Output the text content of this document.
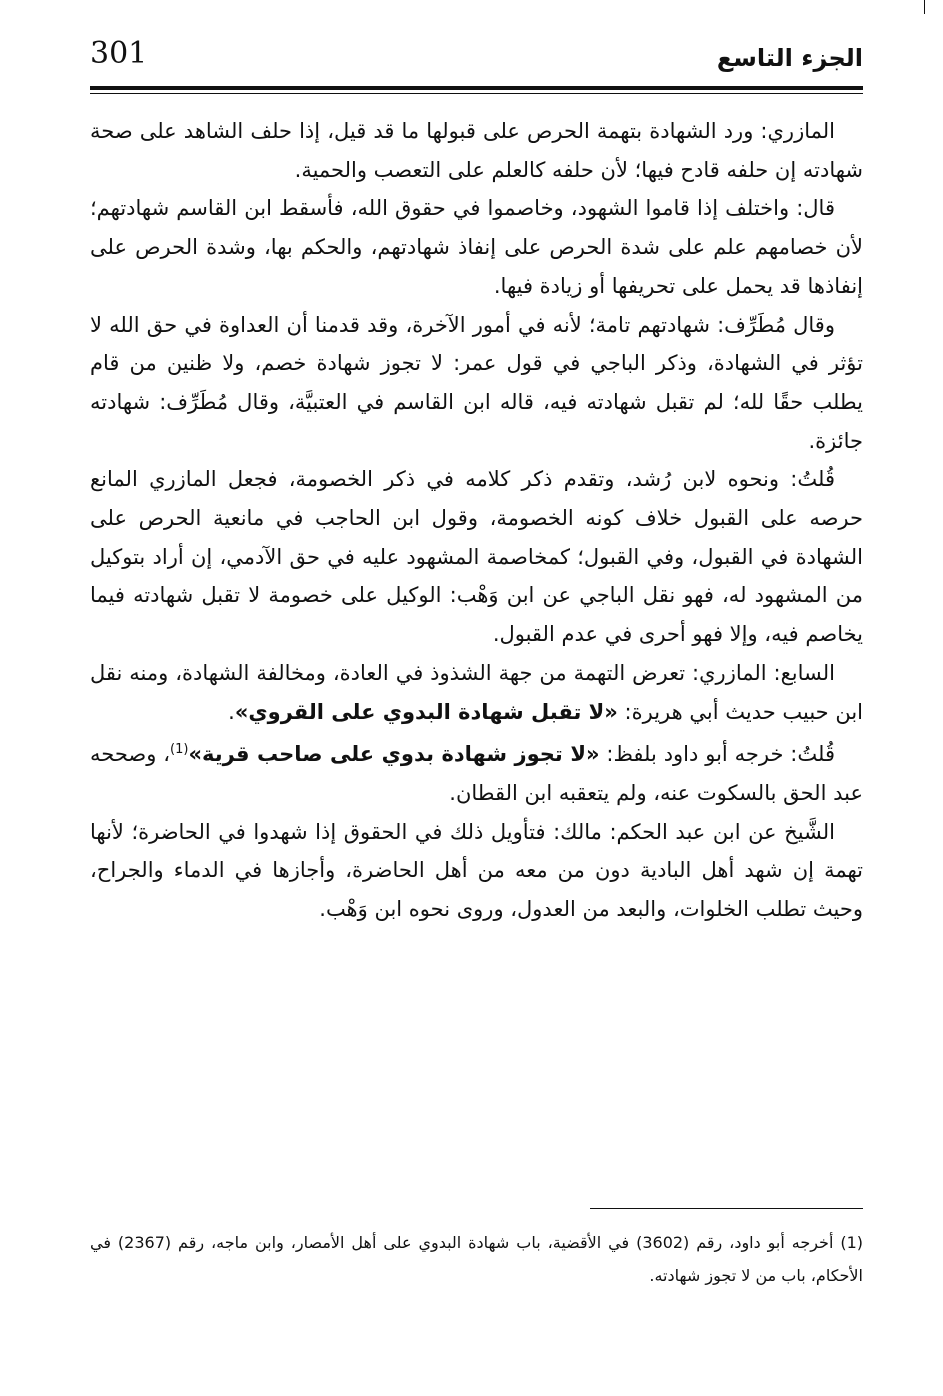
301	الجزء التاسع

المازري: ورد الشهادة بتهمة الحرص على قبولها ما قد قيل، إذا حلف الشاهد على صحة شهادته إن حلفه قادح فيها؛ لأن حلفه كالعلم على التعصب والحمية.

قال: واختلف إذا قاموا الشهود، وخاصموا في حقوق الله، فأسقط ابن القاسم شهادتهم؛ لأن خصامهم علم على شدة الحرص على إنفاذ شهادتهم، والحكم بها، وشدة الحرص على إنفاذها قد يحمل على تحريفها أو زيادة فيها.

وقال مُطَرِّف: شهادتهم تامة؛ لأنه في أمور الآخرة، وقد قدمنا أن العداوة في حق الله لا تؤثر في الشهادة، وذكر الباجي في قول عمر: لا تجوز شهادة خصم، ولا ظنين من قام يطلب حقًا لله؛ لم تقبل شهادته فيه، قاله ابن القاسم في العتبيَّة، وقال مُطَرِّف: شهادته جائزة.

قُلتُ: ونحوه لابن رُشد، وتقدم ذكر كلامه في ذكر الخصومة، فجعل المازري المانع حرصه على القبول خلاف كونه الخصومة، وقول ابن الحاجب في مانعية الحرص على الشهادة في القبول، وفي القبول؛ كمخاصمة المشهود عليه في حق الآدمي، إن أراد بتوكيل من المشهود له، فهو نقل الباجي عن ابن وَهْب: الوكيل على خصومة لا تقبل شهادته فيما يخاصم فيه، وإلا فهو أحرى في عدم القبول.

السابع: المازري: تعرض التهمة من جهة الشذوذ في العادة، ومخالفة الشهادة، ومنه نقل ابن حبيب حديث أبي هريرة: «لا تقبل شهادة البدوي على القروي».

قُلتُ: خرجه أبو داود بلفظ: «لا تجوز شهادة بدوي على صاحب قرية»$^{(1)}$، وصححه عبد الحق بالسكوت عنه، ولم يتعقبه ابن القطان.

الشَّيخ عن ابن عبد الحكم: مالك: فتأويل ذلك في الحقوق إذا شهدوا في الحاضرة؛ لأنها تهمة إن شهد أهل البادية دون من معه من أهل الحاضرة، وأجازها في الدماء والجراح، وحيث تطلب الخلوات، والبعد من العدول، وروى نحوه ابن وَهْب.

(1) أخرجه أبو داود، رقم (3602) في الأقضية، باب شهادة البدوي على أهل الأمصار، وابن ماجه، رقم (2367) في الأحكام، باب من لا تجوز شهادته.
